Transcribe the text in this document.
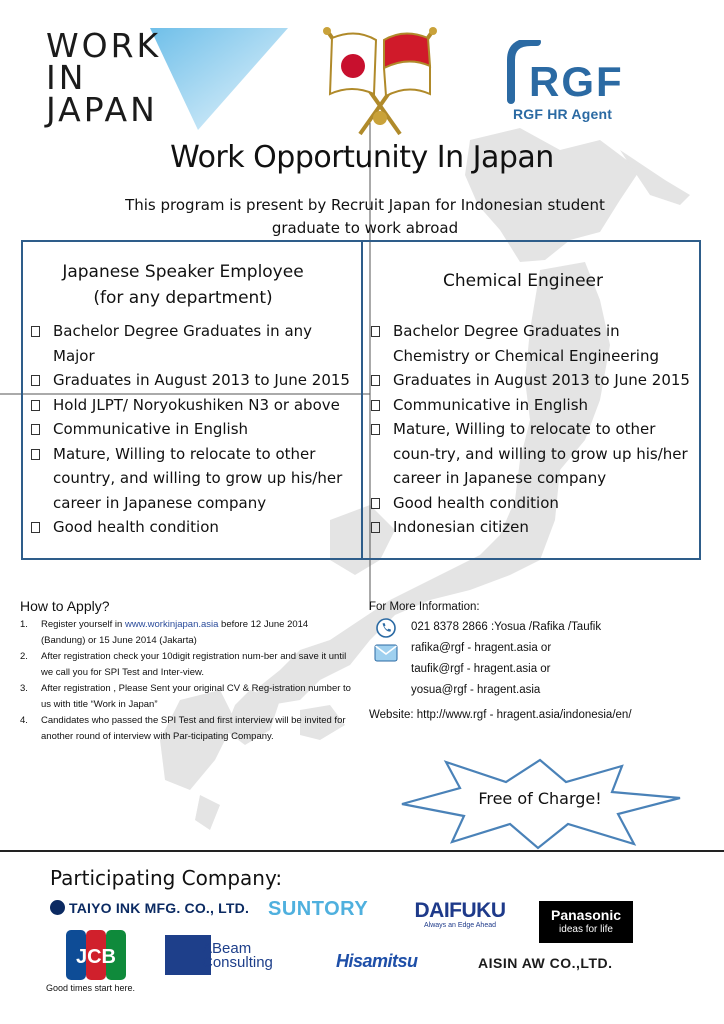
WORK
IN
JAPAN
RGF
RGF HR Agent
Work Opportunity In Japan
This program is present by Recruit Japan for Indonesian student graduate to work abroad
Japanese Speaker Employee
(for any department)
Bachelor Degree Graduates in any Major
Graduates in August 2013 to June 2015
Hold JLPT/ Noryokushiken N3 or above
Communicative in English
Mature, Willing to relocate to other country, and willing to grow up his/her career in Japanese company
Good health condition
Chemical Engineer
Bachelor Degree Graduates in Chemistry or Chemical Engineering
Graduates in August 2013 to June 2015
Communicative in English
Mature, Willing to relocate to other coun-try, and willing to grow up his/her career in Japanese company
Good health condition
Indonesian citizen
How to Apply?
1. Register yourself in www.workinjapan.asia before 12 June 2014 (Bandung) or 15 June 2014 (Jakarta)
2. After registration check your 10digit registration num-ber and save it until we call you for SPI Test and Inter-view.
3. After registration , Please Sent your original CV & Reg-istration number to us with title “Work in Japan”
4. Candidates who passed the SPI Test and first interview will be invited for another round of interview with Par-ticipating Company.
For More Information:
021 8378 2866 :Yosua /Rafika /Taufik
rafika@rgf - hragent.asia or
taufik@rgf - hragent.asia or
yosua@rgf - hragent.asia
Website: http://www.rgf - hragent.asia/indonesia/en/
Free of Charge!
Participating Company:
TAIYO INK MFG. CO., LTD. SUNTORY	DAIFUKU
Always an Edge Ahead
Panasonic
ideas for life
JCB
Good times start here.
ABeam
Consulting	Hisamitsu	AISIN AW CO.,LTD.
